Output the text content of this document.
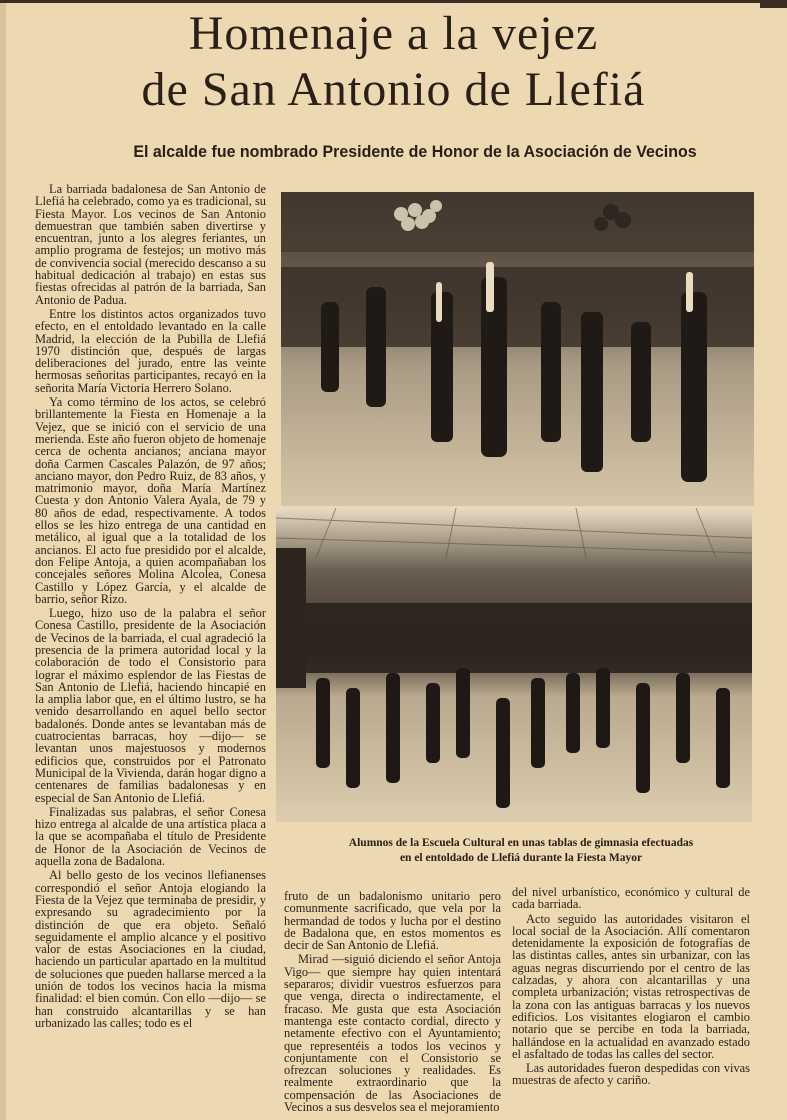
Homenaje a la vejez
de San Antonio de Llefiá
El alcalde fue nombrado Presidente de Honor de la Asociación de Vecinos

La barriada badalonesa de San Antonio de Llefiá ha celebrado, como ya es tradicional, su Fiesta Mayor. Los vecinos de San Antonio demuestran que también saben divertirse y encuentran, junto a los alegres feriantes, un amplio programa de festejos; un motivo más de convivencia social (merecido descanso a su habitual dedicación al trabajo) en estas sus fiestas ofrecidas al patrón de la barriada, San Antonio de Padua.

Entre los distintos actos organizados tuvo efecto, en el entoldado levantado en la calle Madrid, la elección de la Pubilla de Llefiá 1970 distinción que, después de largas deliberaciones del jurado, entre las veinte hermosas señoritas participantes, recayó en la señorita María Victoria Herrero Solano.

Ya como término de los actos, se celebró brillantemente la Fiesta en Homenaje a la Vejez, que se inició con el servicio de una merienda. Este año fueron objeto de homenaje cerca de ochenta ancianos; anciana mayor doña Carmen Cascales Palazón, de 97 años; anciano mayor, don Pedro Ruiz, de 83 años, y matrimonio mayor, doña María Martínez Cuesta y don Antonio Valera Ayala, de 79 y 80 años de edad, respectivamente. A todos ellos se les hizo entrega de una cantidad en metálico, al igual que a la totalidad de los ancianos. El acto fue presidido por el alcalde, don Felipe Antoja, a quien acompañaban los concejales señores Molina Alcolea, Conesa Castillo y López García, y el alcalde de barrio, señor Rizo.

Luego, hizo uso de la palabra el señor Conesa Castillo, presidente de la Asociación de Vecinos de la barriada, el cual agradeció la presencia de la primera autoridad local y la colaboración de todo el Consistorio para lograr el máximo esplendor de las Fiestas de San Antonio de Llefiá, haciendo hincapié en la amplia labor que, en el último lustro, se ha venido desarrollando en aquel bello sector badalonés. Donde antes se levantaban más de cuatrocientas barracas, hoy —dijo— se levantan unos majestuosos y modernos edificios que, construidos por el Patronato Municipal de la Vivienda, darán hogar digno a centenares de familias badalonesas y en especial de San Antonio de Llefiá.

Finalizadas sus palabras, el señor Conesa hizo entrega al alcalde de una artística placa a la que se acompañaba el título de Presidente de Honor de la Asociación de Vecinos de aquella zona de Badalona.

Al bello gesto de los vecinos llefianenses correspondió el señor Antoja elogiando la Fiesta de la Vejez que terminaba de presidir, y expresando su agradecimiento por la distinción de que era objeto. Señaló seguidamente el amplio alcance y el positivo valor de estas Asociaciones en la ciudad, haciendo un particular apartado en la multitud de soluciones que pueden hallarse merced a la unión de todos los vecinos hacia la misma finalidad: el bien común. Con ello —dijo— se han construido alcantarillas y se han urbanizado las calles; todo es el

Alumnos de la Escuela Cultural en unas tablas de gimnasia efectuadas
en el entoldado de Llefiá durante la Fiesta Mayor

fruto de un badalonismo unitario pero comunmente sacrificado, que vela por la hermandad de todos y lucha por el destino de Badalona que, en estos momentos es decir de San Antonio de Llefiá.

Mirad —siguió diciendo el señor Antoja Vigo— que siempre hay quien intentará separaros; dividir vuestros esfuerzos para que venga, directa o indirectamente, el fracaso. Me gusta que esta Asociación mantenga este contacto cordial, directo y netamente efectivo con el Ayuntamiento; que representéis a todos los vecinos y conjuntamente con el Consistorio se ofrezcan soluciones y realidades. Es realmente extraordinario que la compensación de las Asociaciones de Vecinos a sus desvelos sea el mejoramiento

del nivel urbanístico, económico y cultural de cada barriada.

Acto seguido las autoridades visitaron el local social de la Asociación. Allí comentaron detenidamente la exposición de fotografías de las distintas calles, antes sin urbanizar, con las aguas negras discurriendo por el centro de las calzadas, y ahora con alcantarillas y una completa urbanización; vistas retrospectivas de la zona con las antiguas barracas y los nuevos edificios. Los visitantes elogiaron el cambio notario que se percibe en toda la barriada, hallándose en la actualidad en avanzado estado el asfaltado de todas las calles del sector.

Las autoridades fueron despedidas con vivas muestras de afecto y cariño.
